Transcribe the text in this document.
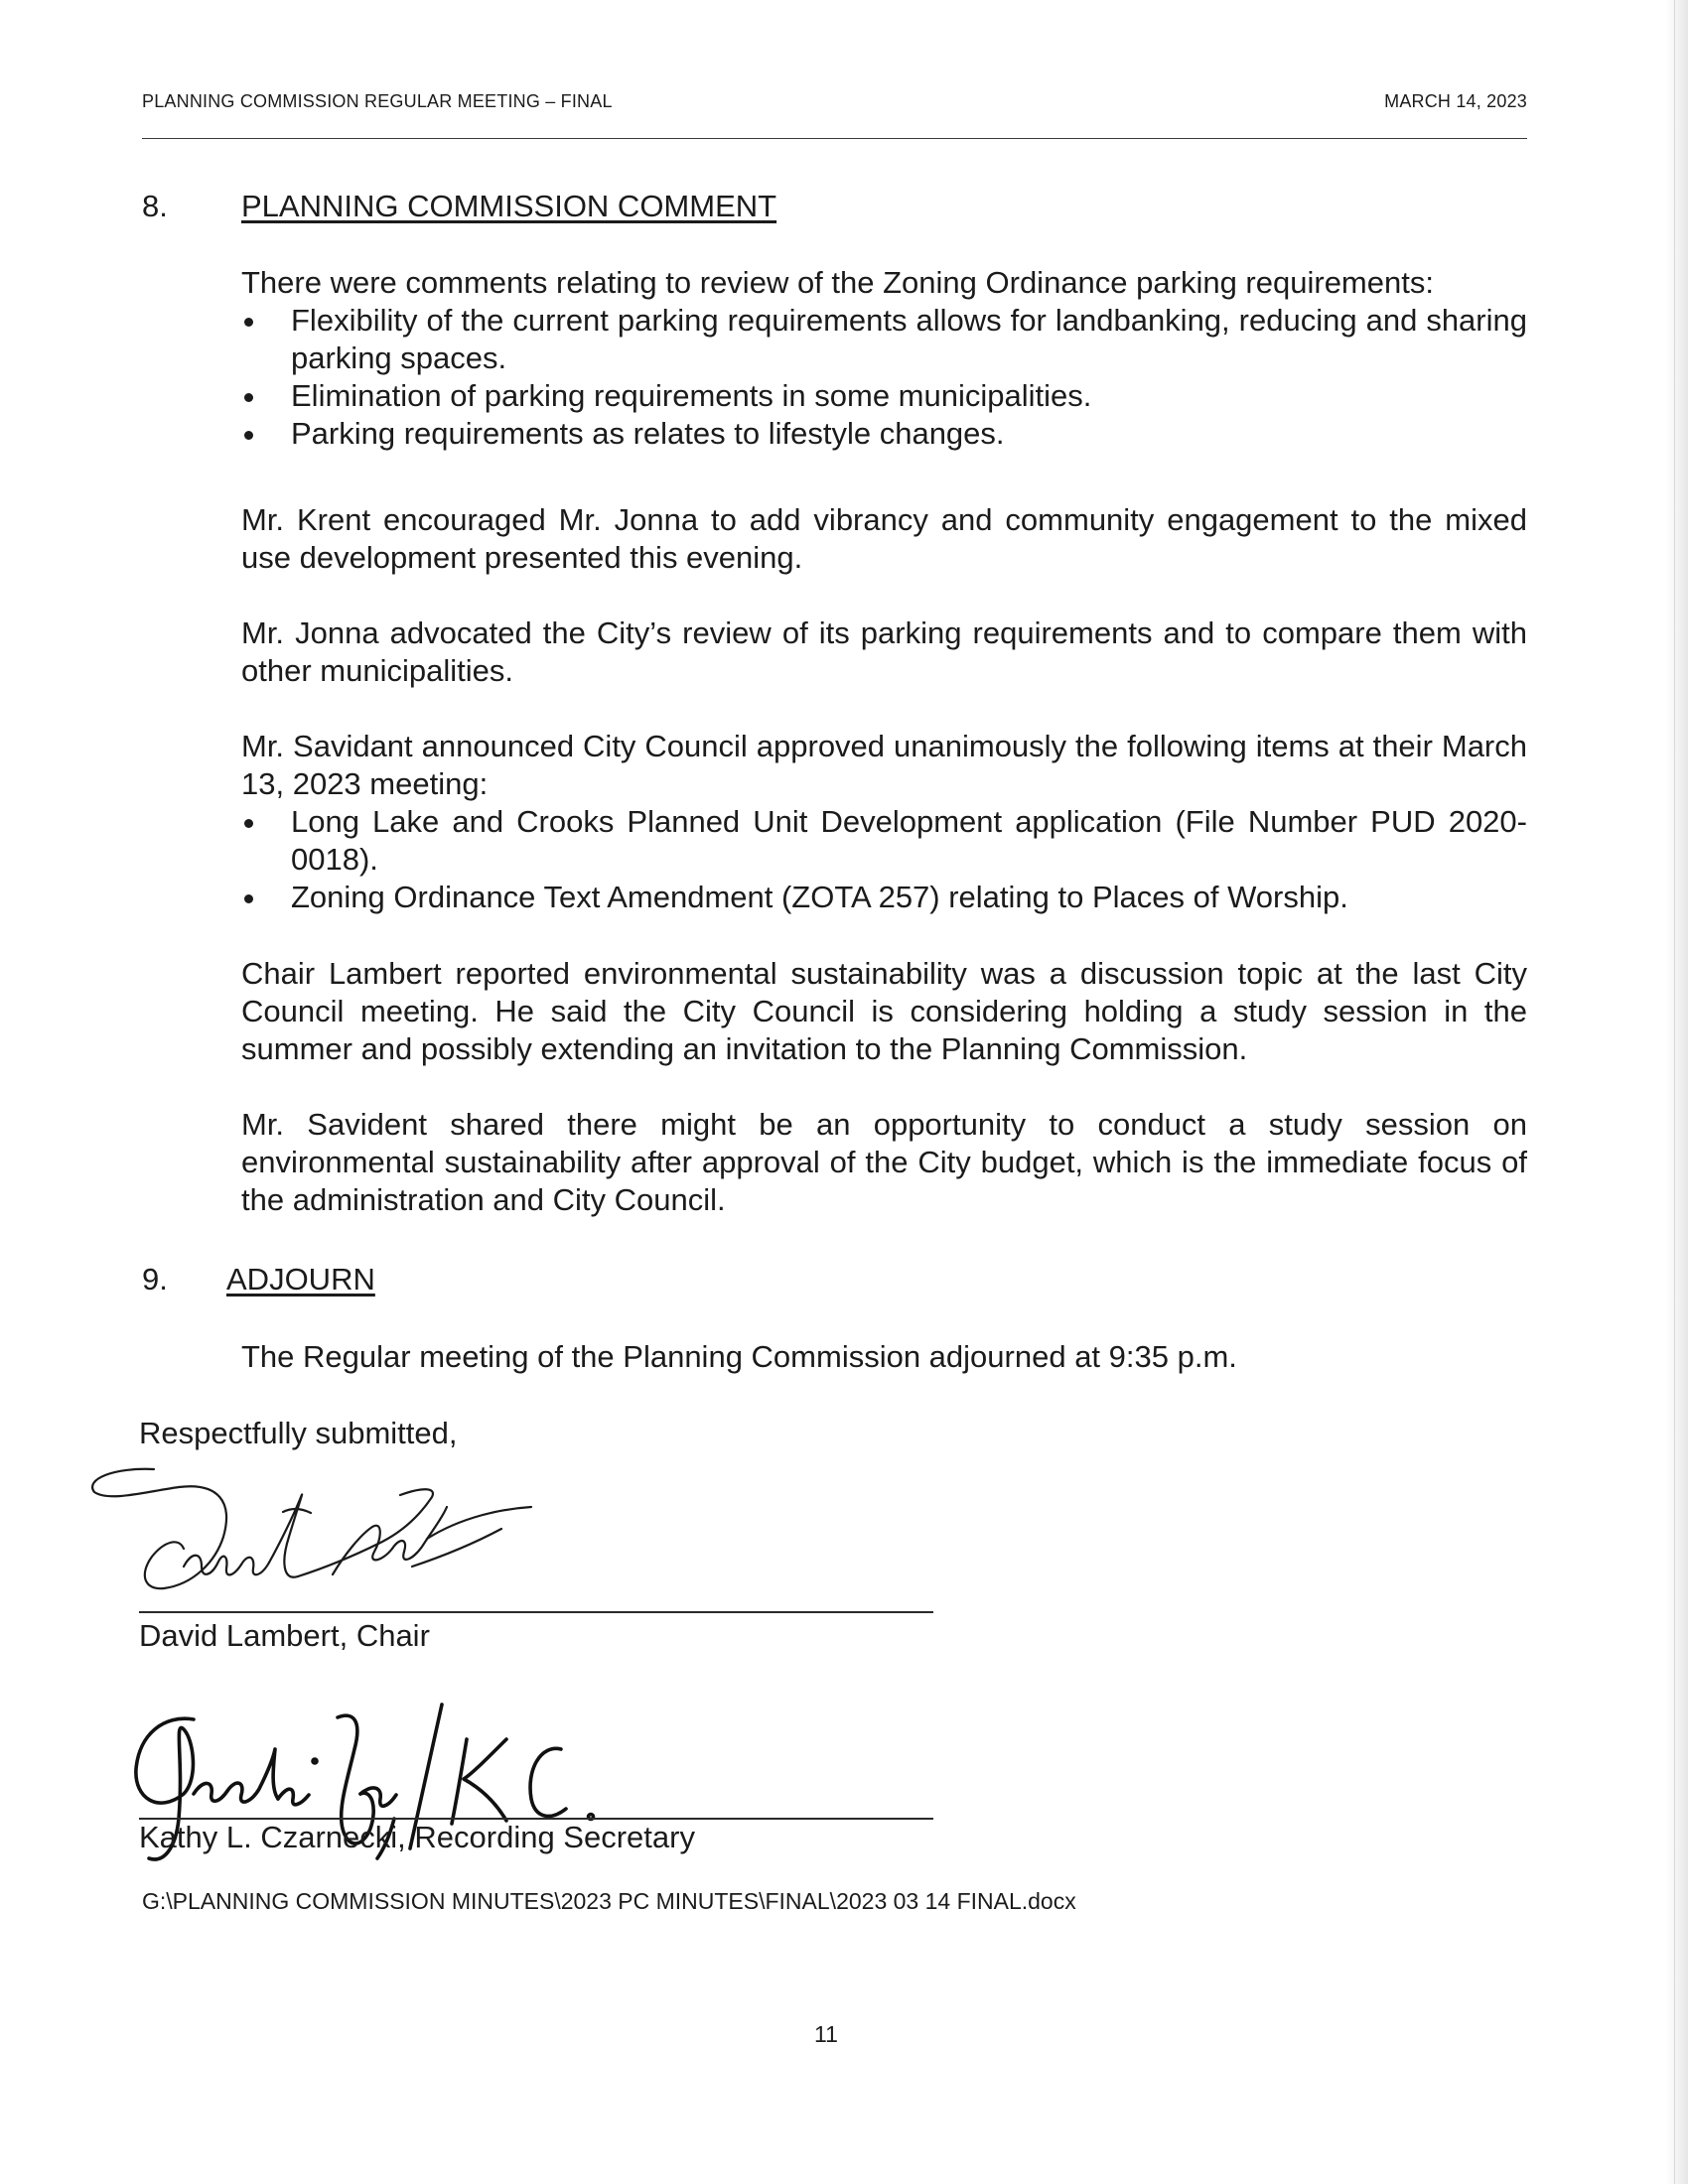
PLANNING COMMISSION REGULAR MEETING – FINAL	MARCH 14, 2023
8. PLANNING COMMISSION COMMENT

There were comments relating to review of the Zoning Ordinance parking requirements:

Flexibility of the current parking requirements allows for landbanking, reducing and sharing parking spaces.
Elimination of parking requirements in some municipalities.
Parking requirements as relates to lifestyle changes.

Mr. Krent encouraged Mr. Jonna to add vibrancy and community engagement to the mixed use development presented this evening.

Mr. Jonna advocated the City’s review of its parking requirements and to compare them with other municipalities.

Mr. Savidant announced City Council approved unanimously the following items at their March 13, 2023 meeting:

Long Lake and Crooks Planned Unit Development application (File Number PUD 2020-0018).
Zoning Ordinance Text Amendment (ZOTA 257) relating to Places of Worship.

Chair Lambert reported environmental sustainability was a discussion topic at the last City Council meeting. He said the City Council is considering holding a study session in the summer and possibly extending an invitation to the Planning Commission.

Mr. Savident shared there might be an opportunity to conduct a study session on environmental sustainability after approval of the City budget, which is the immediate focus of the administration and City Council.

9. ADJOURN

The Regular meeting of the Planning Commission adjourned at 9:35 p.m.

Respectfully submitted,
David Lambert, Chair
Kathy L. Czarnecki, Recording Secretary
G:\PLANNING COMMISSION MINUTES\2023 PC MINUTES\FINAL\2023 03 14 FINAL.docx
11
